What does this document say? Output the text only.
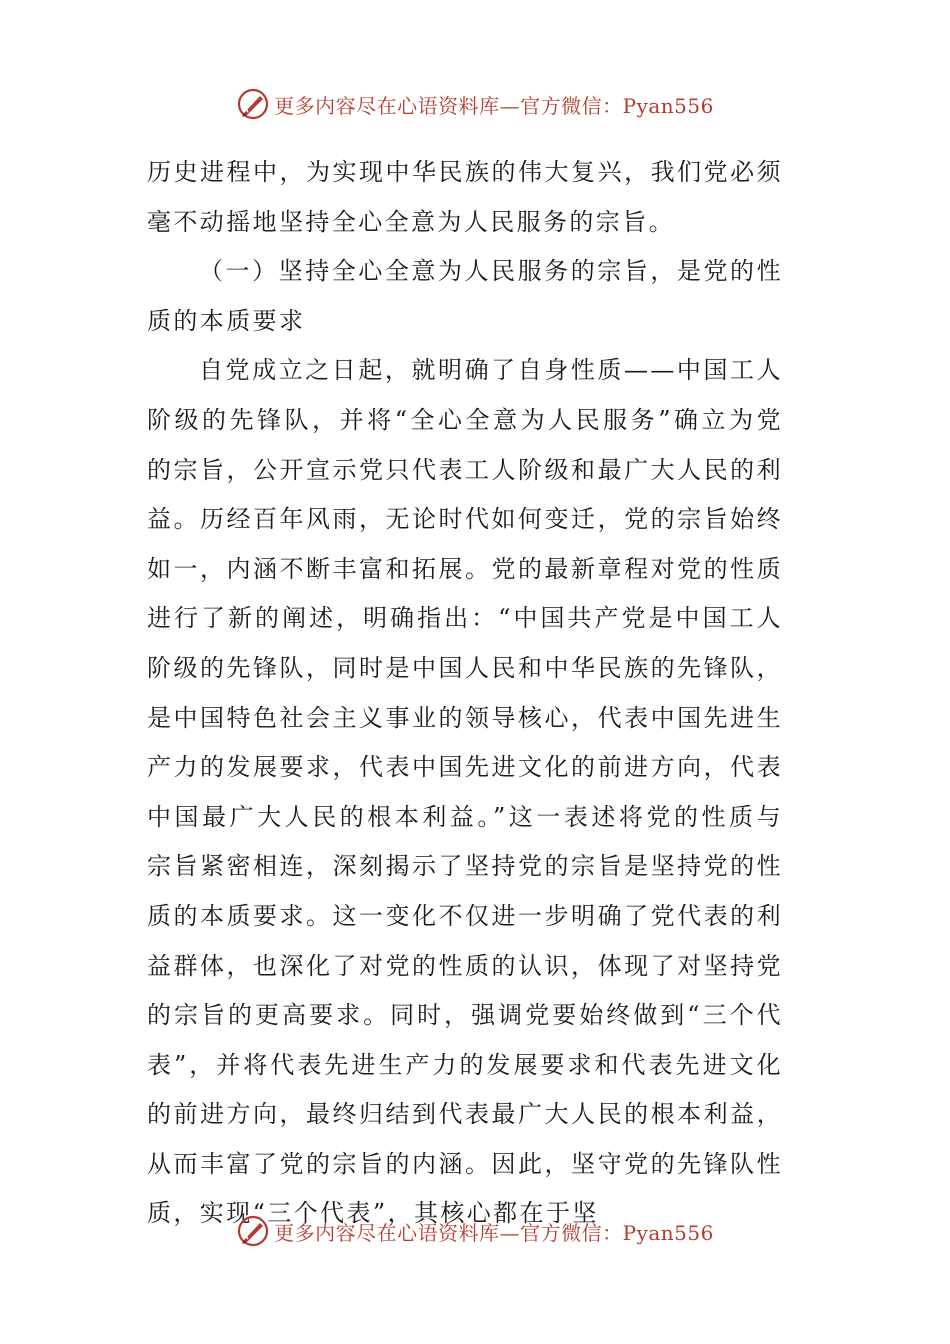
更多内容尽在心语资料库—官方微信：Pyan556

历史进程中，为实现中华民族的伟大复兴，我们党必须毫不动摇地坚持全心全意为人民服务的宗旨。

（一）坚持全心全意为人民服务的宗旨，是党的性质的本质要求

自党成立之日起，就明确了自身性质——中国工人阶级的先锋队，并将“全心全意为人民服务”确立为党的宗旨，公开宣示党只代表工人阶级和最广大人民的利益。历经百年风雨，无论时代如何变迁，党的宗旨始终如一，内涵不断丰富和拓展。党的最新章程对党的性质进行了新的阐述，明确指出：“中国共产党是中国工人阶级的先锋队，同时是中国人民和中华民族的先锋队，是中国特色社会主义事业的领导核心，代表中国先进生产力的发展要求，代表中国先进文化的前进方向，代表中国最广大人民的根本利益。”这一表述将党的性质与宗旨紧密相连，深刻揭示了坚持党的宗旨是坚持党的性质的本质要求。这一变化不仅进一步明确了党代表的利益群体，也深化了对党的性质的认识，体现了对坚持党的宗旨的更高要求。同时，强调党要始终做到“三个代表”，并将代表先进生产力的发展要求和代表先进文化的前进方向，最终归结到代表最广大人民的根本利益，从而丰富了党的宗旨的内涵。因此，坚守党的先锋队性质，实现“三个代表”，其核心都在于坚

更多内容尽在心语资料库—官方微信：Pyan556
